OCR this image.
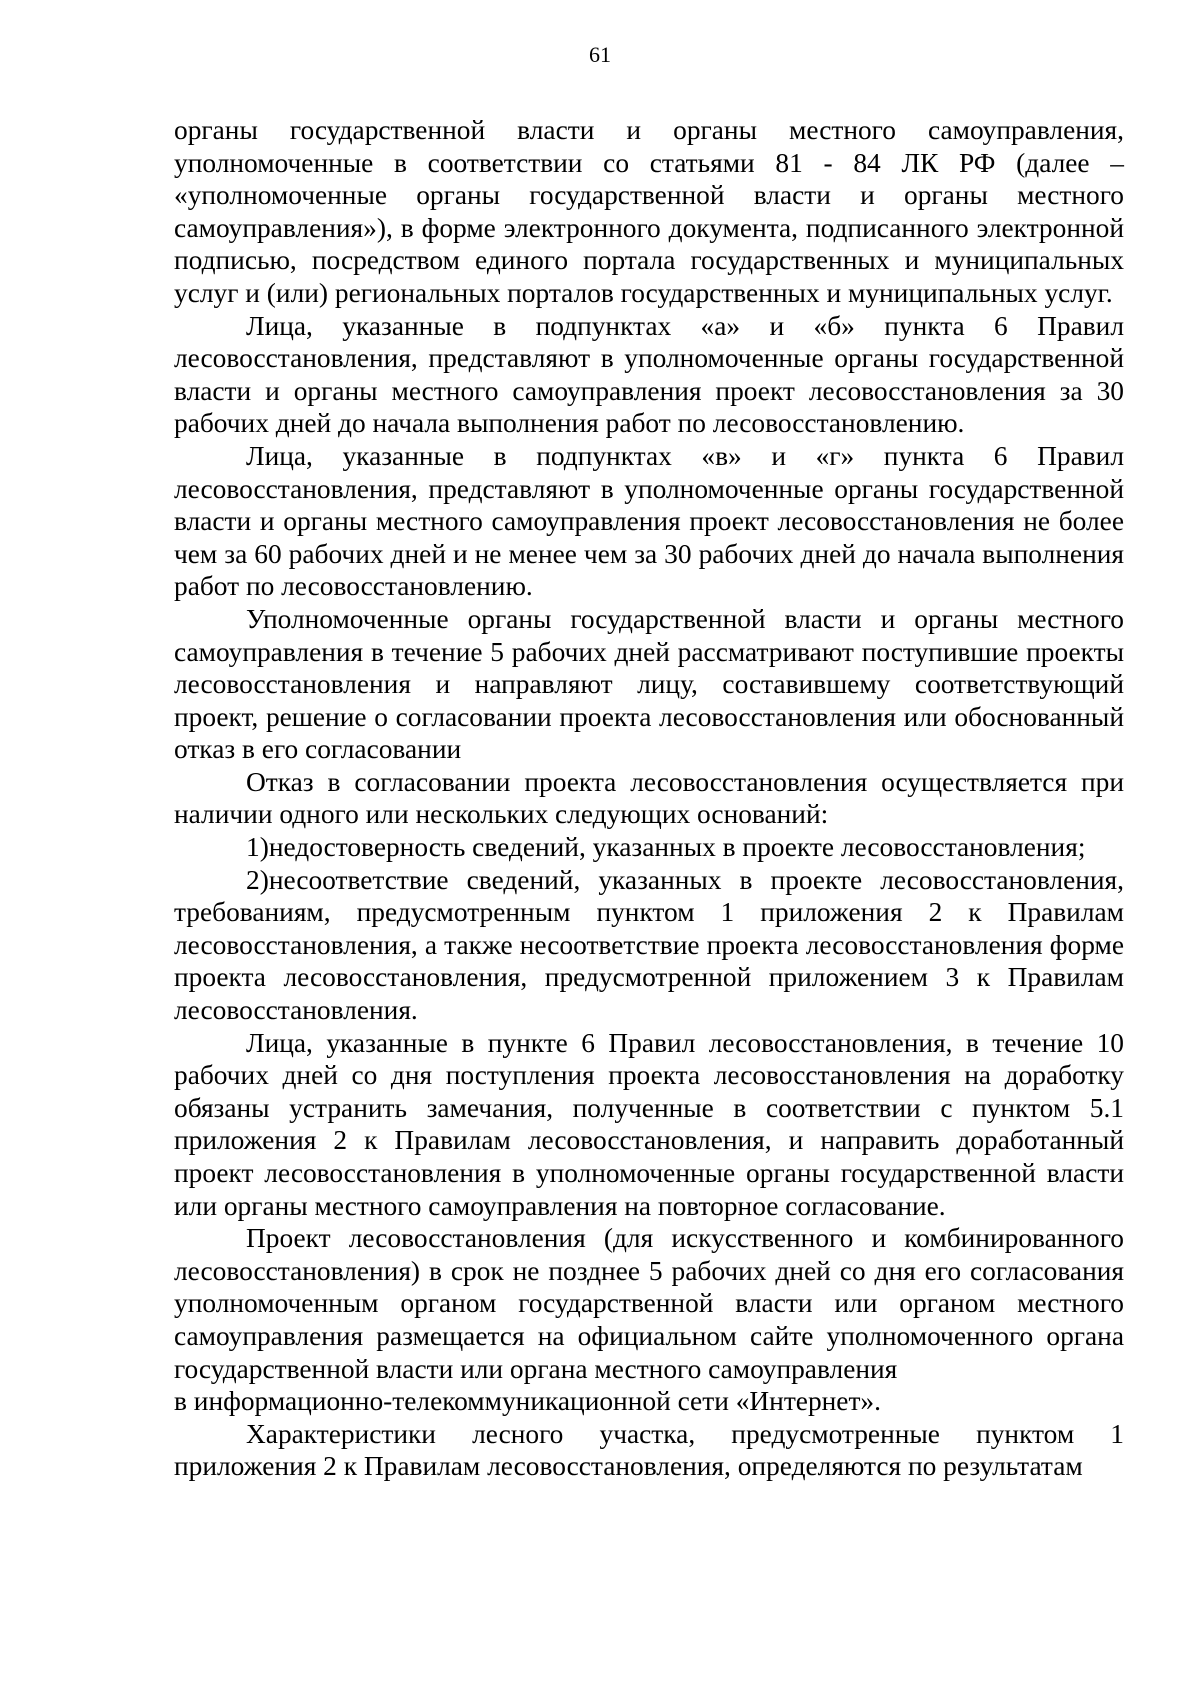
61

органы государственной власти и органы местного самоуправления, уполномоченные в соответствии со статьями 81 - 84 ЛК РФ (далее – «уполномоченные органы государственной власти и органы местного самоуправления»), в форме электронного документа, подписанного электронной подписью, посредством единого портала государственных и муниципальных услуг и (или) региональных порталов государственных и муниципальных услуг.

Лица, указанные в подпунктах «а» и «б» пункта 6 Правил лесовосстановления, представляют в уполномоченные органы государственной власти и органы местного самоуправления проект лесовосстановления за 30 рабочих дней до начала выполнения работ по лесовосстановлению.

Лица, указанные в подпунктах «в» и «г» пункта 6 Правил лесовосстановления, представляют в уполномоченные органы государственной власти и органы местного самоуправления проект лесовосстановления не более чем за 60 рабочих дней и не менее чем за 30 рабочих дней до начала выполнения работ по лесовосстановлению.

Уполномоченные органы государственной власти и органы местного самоуправления в течение 5 рабочих дней рассматривают поступившие проекты лесовосстановления и направляют лицу, составившему соответствующий проект, решение о согласовании проекта лесовосстановления или обоснованный отказ в его согласовании

Отказ в согласовании проекта лесовосстановления осуществляется при наличии одного или нескольких следующих оснований:

1)недостоверность сведений, указанных в проекте лесовосстановления;

2)несоответствие сведений, указанных в проекте лесовосстановления, требованиям, предусмотренным пунктом 1 приложения 2 к Правилам лесовосстановления, а также несоответствие проекта лесовосстановления форме проекта лесовосстановления, предусмотренной приложением 3 к Правилам лесовосстановления.

Лица, указанные в пункте 6 Правил лесовосстановления, в течение 10 рабочих дней со дня поступления проекта лесовосстановления на доработку обязаны устранить замечания, полученные в соответствии с пунктом 5.1 приложения 2 к Правилам лесовосстановления, и направить доработанный проект лесовосстановления в уполномоченные органы государственной власти или органы местного самоуправления на повторное согласование.

Проект лесовосстановления (для искусственного и комбинированного лесовосстановления) в срок не позднее 5 рабочих дней со дня его согласования уполномоченным органом государственной власти или органом местного самоуправления размещается на официальном сайте уполномоченного органа государственной власти или органа местного самоуправления

в информационно-телекоммуникационной сети «Интернет».

Характеристики лесного участка, предусмотренные пунктом 1 приложения 2 к Правилам лесовосстановления, определяются по результатам
